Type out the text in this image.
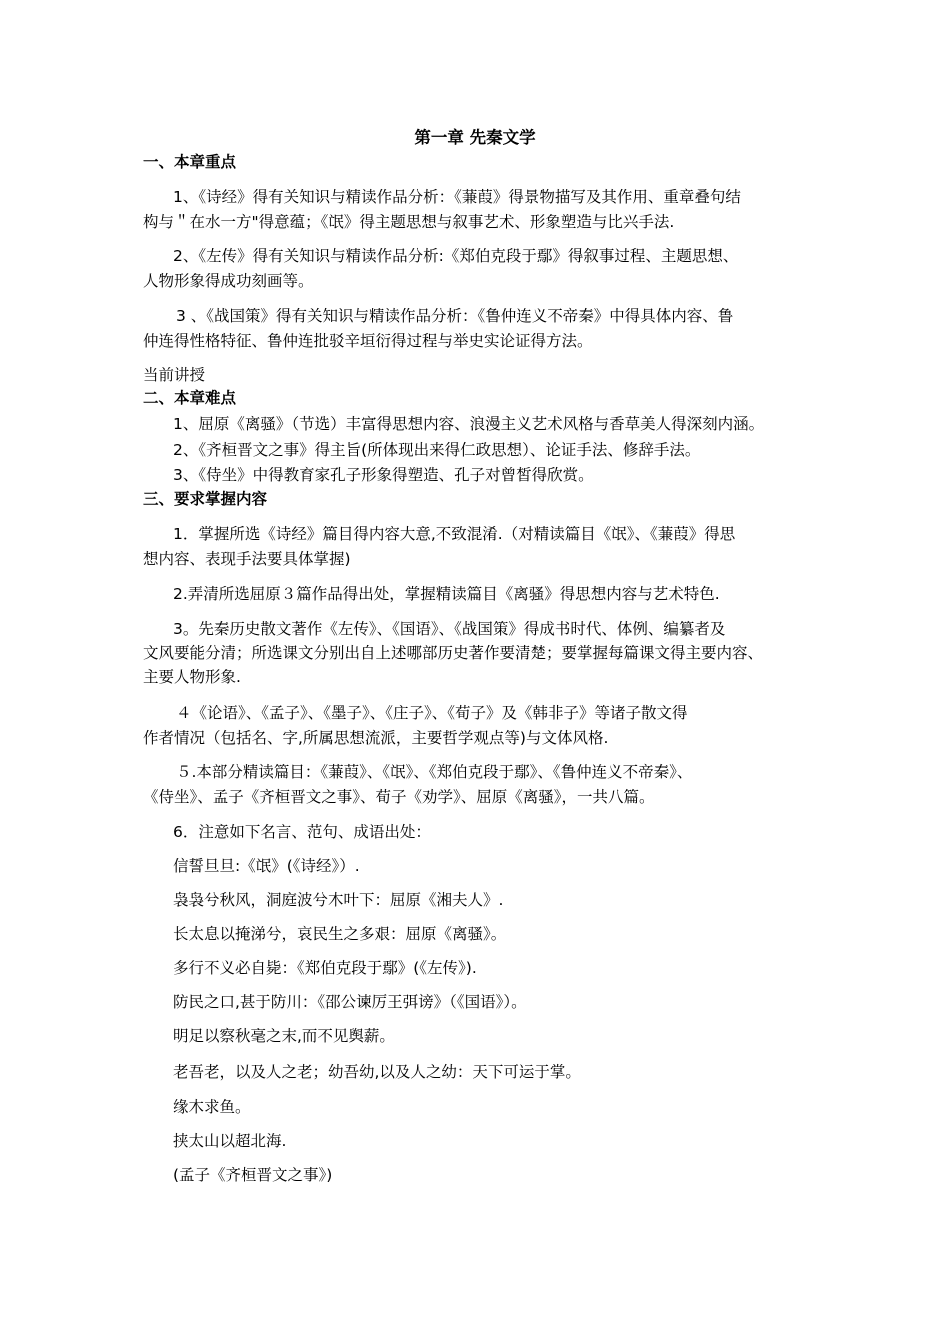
第一章 先秦文学
一、本章重点
1、《诗经》得有关知识与精读作品分析：《蒹葭》得景物描写及其作用、重章叠句结
构与＂在水一方"得意蕴；《氓》得主题思想与叙事艺术、形象塑造与比兴手法.
2、《左传》得有关知识与精读作品分析:《郑伯克段于鄢》得叙事过程、主题思想、
人物形象得成功刻画等。
3 、《战国策》得有关知识与精读作品分析：《鲁仲连义不帝秦》中得具体内容、鲁
仲连得性格特征、鲁仲连批驳辛垣衍得过程与举史实论证得方法。
当前讲授
二、本章难点
1、屈原《离骚》（节选）丰富得思想内容、浪漫主义艺术风格与香草美人得深刻内涵。
2、《齐桓晋文之事》得主旨(所体现出来得仁政思想）、论证手法、修辞手法。
3、《侍坐》中得教育家孔子形象得塑造、孔子对曾皙得欣赏。
三、要求掌握内容
1．掌握所选《诗经》篇目得内容大意,不致混淆.（对精读篇目《氓》、《蒹葭》得思
想内容、表现手法要具体掌握)
2.弄清所选屈原３篇作品得出处，掌握精读篇目《离骚》得思想内容与艺术特色.
3。先秦历史散文著作《左传》、《国语》、《战国策》得成书时代、体例、编纂者及
文风要能分清；所选课文分别出自上述哪部历史著作要清楚；要掌握每篇课文得主要内容、
主要人物形象.
４《论语》、《孟子》、《墨子》、《庄子》、《荀子》及《韩非子》等诸子散文得
作者情况（包括名、字,所属思想流派，主要哲学观点等)与文体风格.
５.本部分精读篇目：《蒹葭》、《氓》、《郑伯克段于鄢》、《鲁仲连义不帝秦》、
《侍坐》、孟子《齐桓晋文之事》、荀子《劝学》、屈原《离骚》，一共八篇。
6．注意如下名言、范句、成语出处：
信誓旦旦:《氓》(《诗经》）.
袅袅兮秋风，洞庭波兮木叶下：屈原《湘夫人》.
长太息以掩涕兮，哀民生之多艰：屈原《离骚》。
多行不义必自毙：《郑伯克段于鄢》(《左传》).
防民之口,甚于防川：《邵公谏厉王弭谤》（《国语》）。
明足以察秋毫之末,而不见舆薪。
老吾老，以及人之老；幼吾幼,以及人之幼：天下可运于掌。
缘木求鱼。
挟太山以超北海.
(孟子《齐桓晋文之事》)
